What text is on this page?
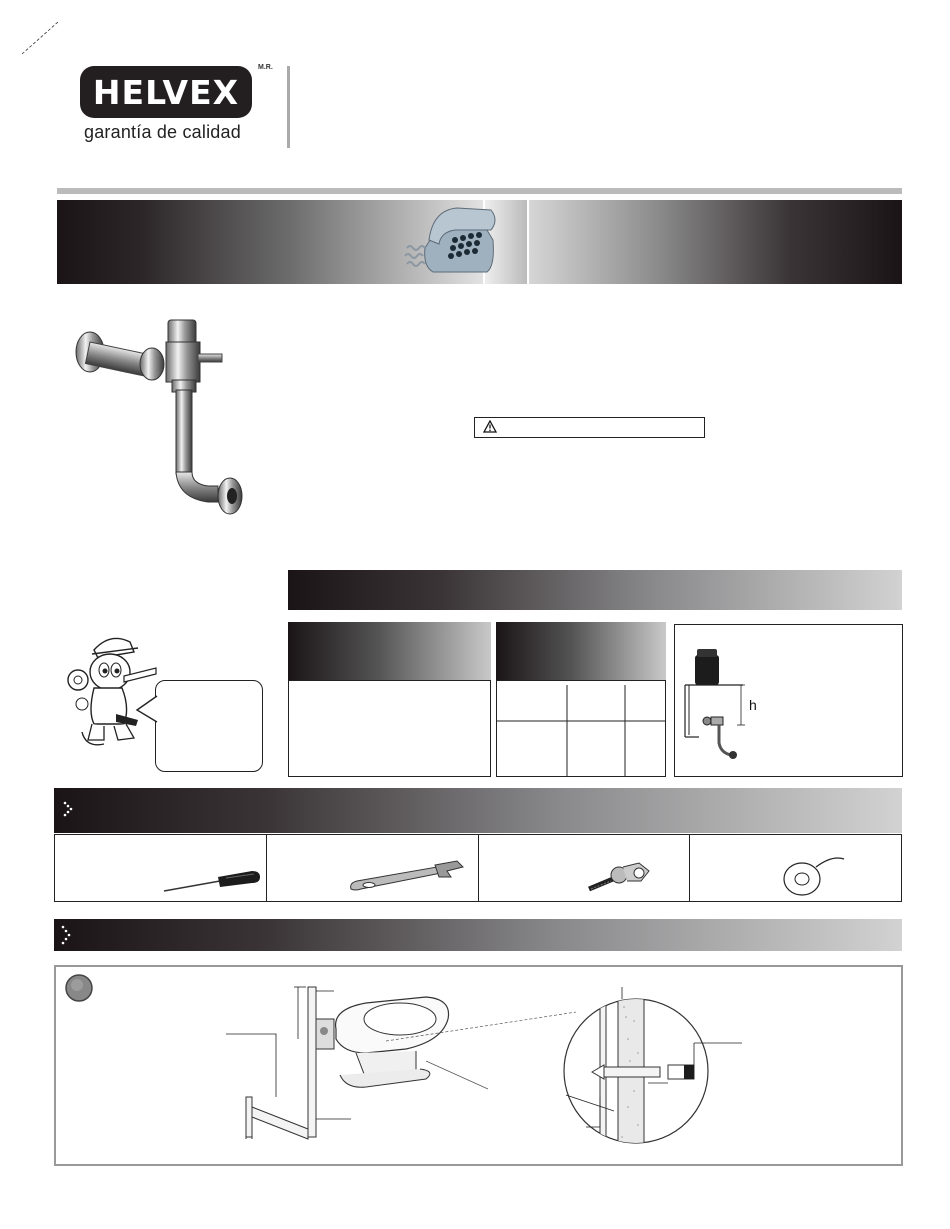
HELVEX
M.R.
garantía de calidad
h
